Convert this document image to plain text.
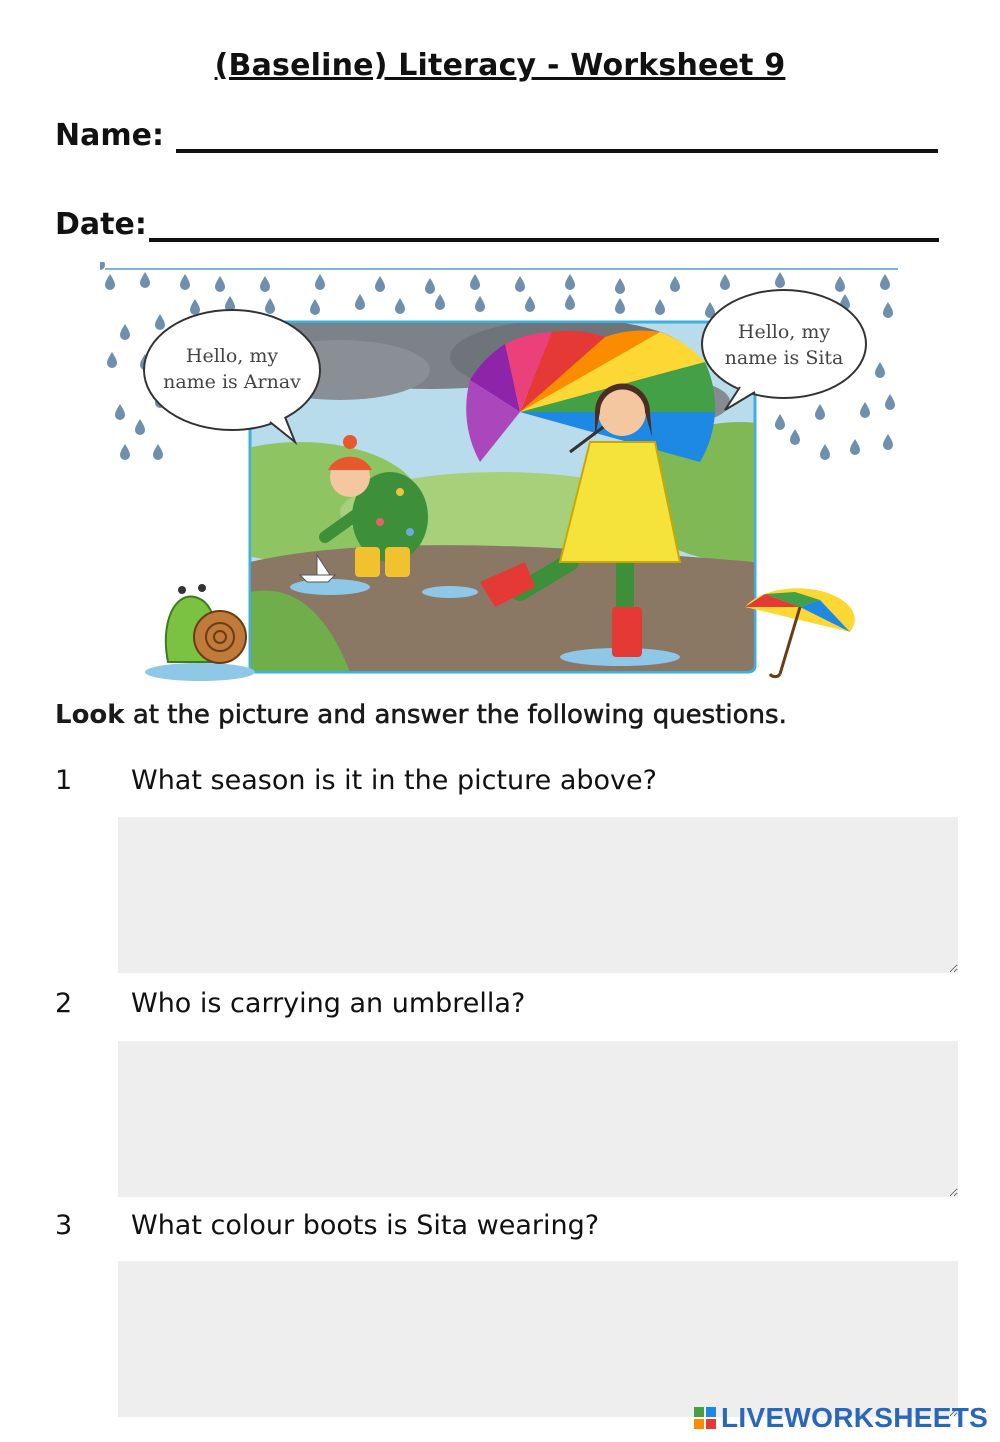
(Baseline) Literacy - Worksheet 9
Name:
Date:
Hello, my
name is Arnav
Hello, my
name is Sita
Look at the picture and answer the following questions.
1 What season is it in the picture above?
2 Who is carrying an umbrella?
3 What colour boots is Sita wearing?
LIVEWORKSHEETS
